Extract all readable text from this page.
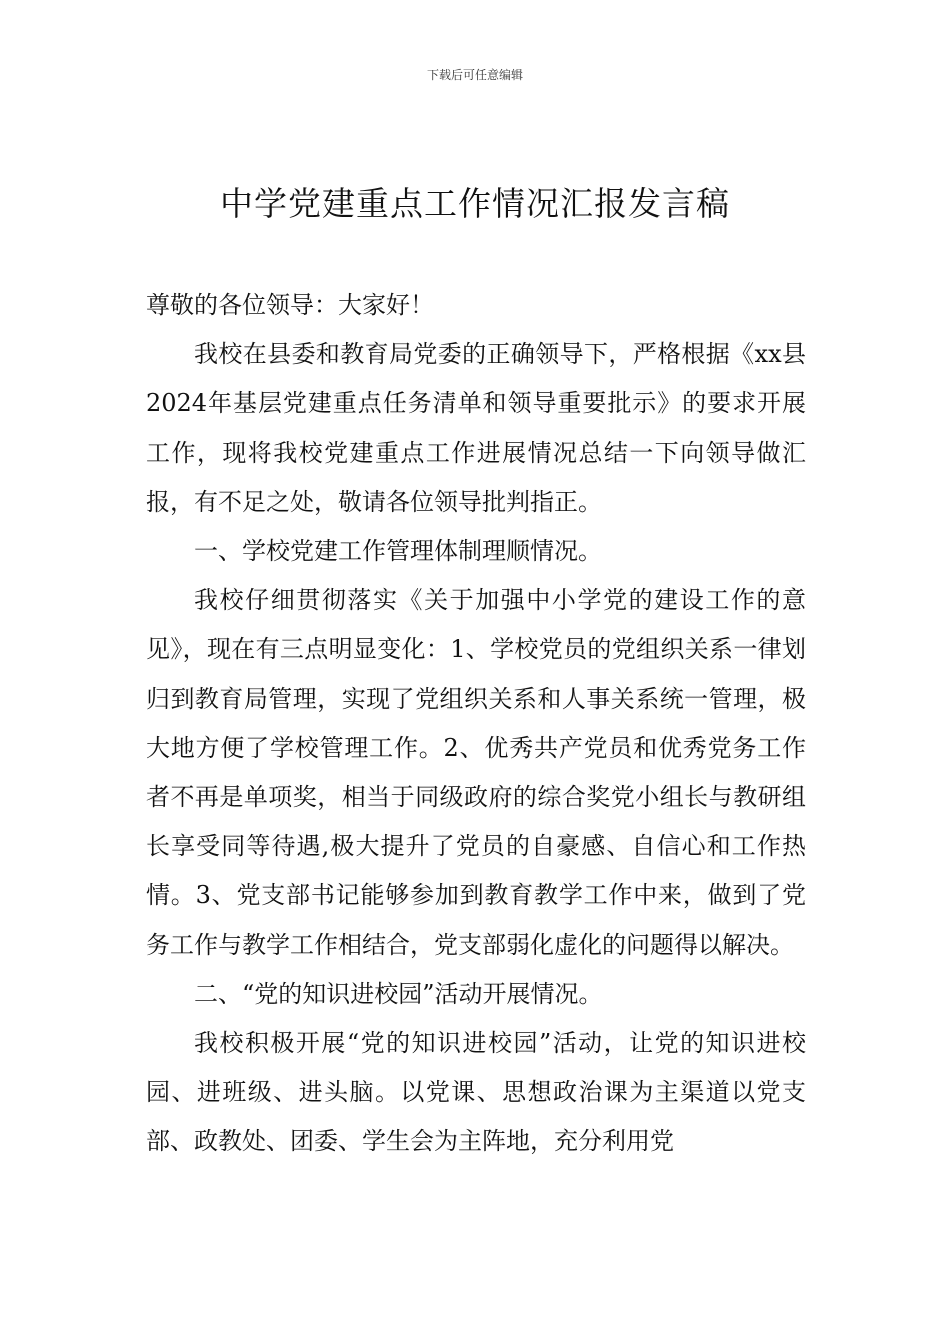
下载后可任意编辑
中学党建重点工作情况汇报发言稿

尊敬的各位领导：大家好！

我校在县委和教育局党委的正确领导下，严格根据《xx县2024年基层党建重点任务清单和领导重要批示》的要求开展工作，现将我校党建重点工作进展情况总结一下向领导做汇报，有不足之处，敬请各位领导批判指正。

一、学校党建工作管理体制理顺情况。

我校仔细贯彻落实《关于加强中小学党的建设工作的意见》，现在有三点明显变化：1、学校党员的党组织关系一律划归到教育局管理，实现了党组织关系和人事关系统一管理，极大地方便了学校管理工作。2、优秀共产党员和优秀党务工作者不再是单项奖，相当于同级政府的综合奖党小组长与教研组长享受同等待遇,极大提升了党员的自豪感、自信心和工作热情。3、党支部书记能够参加到教育教学工作中来，做到了党务工作与教学工作相结合，党支部弱化虚化的问题得以解决。

二、“党的知识进校园”活动开展情况。

我校积极开展“党的知识进校园”活动，让党的知识进校园、进班级、进头脑。以党课、思想政治课为主渠道以党支部、政教处、团委、学生会为主阵地，充分利用党
